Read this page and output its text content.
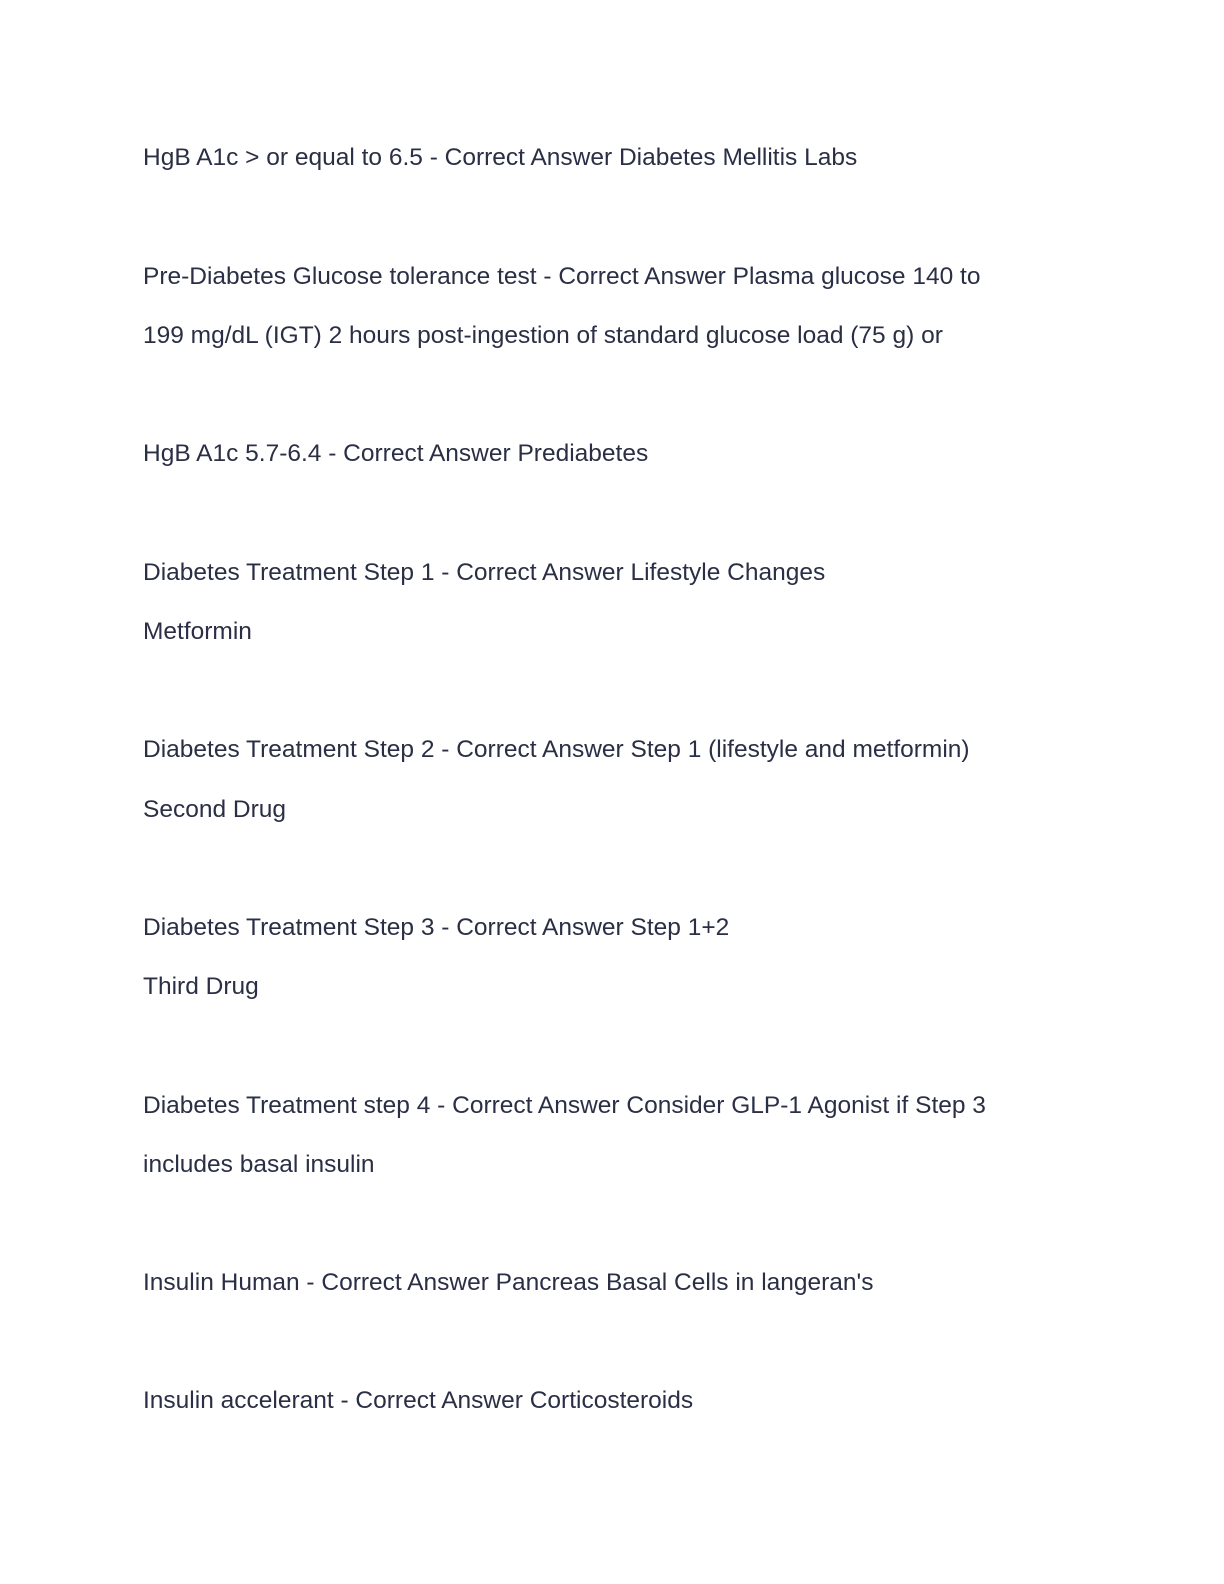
HgB A1c > or equal to 6.5 - Correct Answer Diabetes Mellitis Labs

Pre-Diabetes Glucose tolerance test - Correct Answer Plasma glucose 140 to

199 mg/dL (IGT) 2 hours post-ingestion of standard glucose load (75 g) or

HgB A1c 5.7-6.4 - Correct Answer Prediabetes

Diabetes Treatment Step 1 - Correct Answer Lifestyle Changes

Metformin

Diabetes Treatment Step 2 - Correct Answer Step 1 (lifestyle and metformin)

Second Drug

Diabetes Treatment Step 3 - Correct Answer Step 1+2

Third Drug

Diabetes Treatment step 4 - Correct Answer Consider GLP-1 Agonist if Step 3

includes basal insulin

Insulin Human - Correct Answer Pancreas Basal Cells in langeran's

Insulin accelerant - Correct Answer Corticosteroids
